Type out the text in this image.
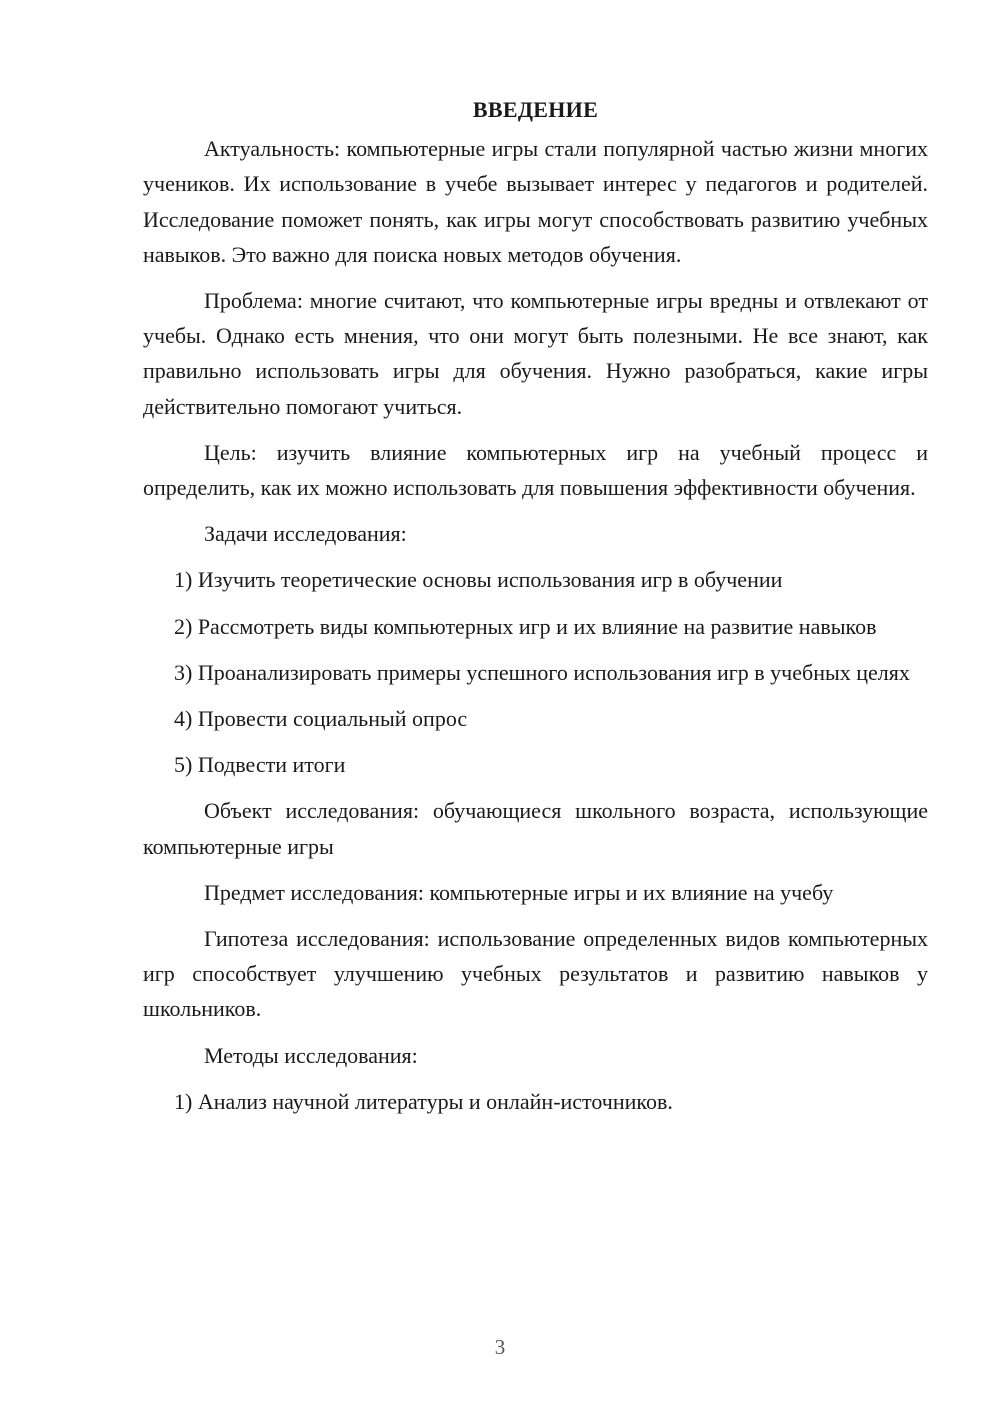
ВВЕДЕНИЕ

Актуальность: компьютерные игры стали популярной частью жизни многих учеников. Их использование в учебе вызывает интерес у педагогов и родителей. Исследование поможет понять, как игры могут способствовать развитию учебных навыков. Это важно для поиска новых методов обучения.

Проблема: многие считают, что компьютерные игры вредны и отвлекают от учебы. Однако есть мнения, что они могут быть полезными. Не все знают, как правильно использовать игры для обучения. Нужно разобраться, какие игры действительно помогают учиться.

Цель: изучить влияние компьютерных игр на учебный процесс и определить, как их можно использовать для повышения эффективности обучения.

Задачи исследования:

1) Изучить теоретические основы использования игр в обучении

2) Рассмотреть виды компьютерных игр и их влияние на развитие навыков

3) Проанализировать примеры успешного использования игр в учебных целях

4) Провести социальный опрос

5) Подвести итоги

Объект исследования: обучающиеся школьного возраста, использующие компьютерные игры

Предмет исследования: компьютерные игры и их влияние на учебу

Гипотеза исследования: использование определенных видов компьютерных игр способствует улучшению учебных результатов и развитию навыков у школьников.

Методы исследования:

1) Анализ научной литературы и онлайн-источников.

3
